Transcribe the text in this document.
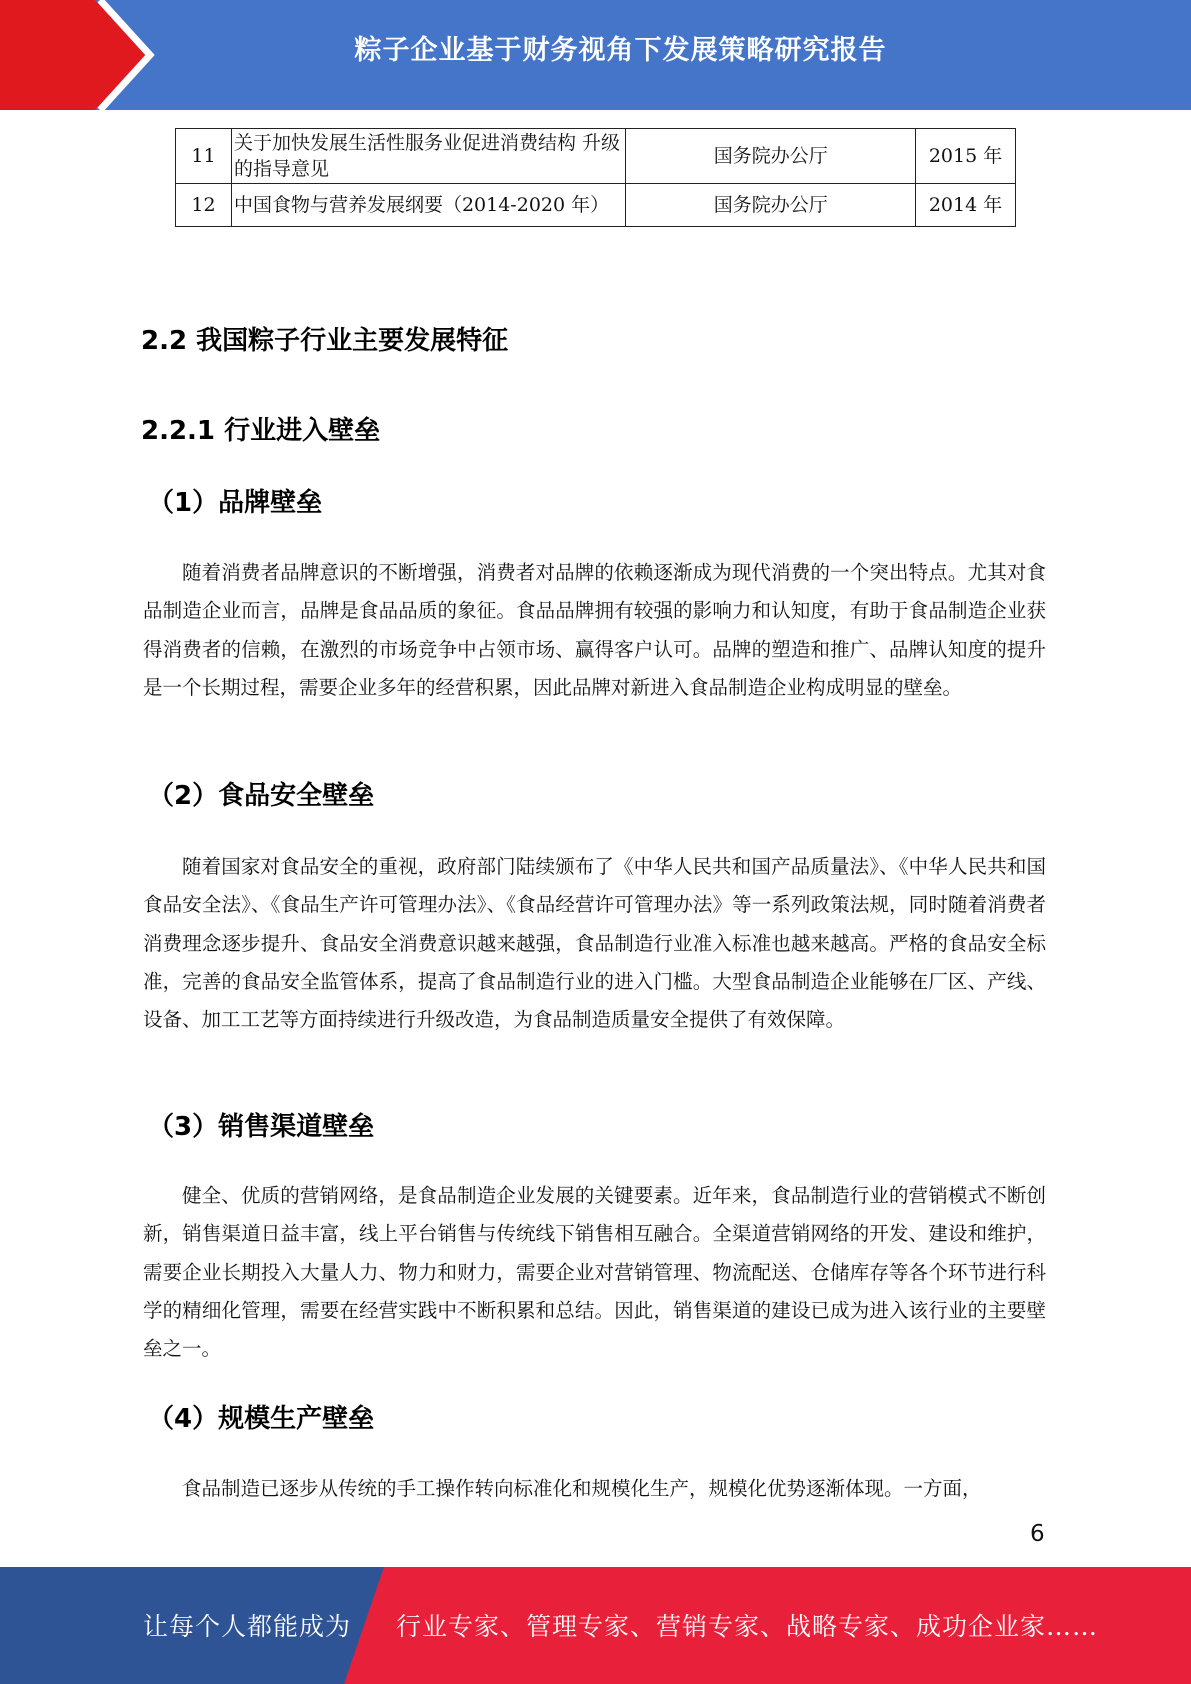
粽子企业基于财务视角下发展策略研究报告
11	关于加快发展生活性服务业促进消费结构 升级的指导意见	国务院办公厅	2015 年
12	中国食物与营养发展纲要（2014-2020 年）	国务院办公厅	2014 年
2.2 我国粽子行业主要发展特征
2.2.1 行业进入壁垒
（1）品牌壁垒

随着消费者品牌意识的不断增强，消费者对品牌的依赖逐渐成为现代消费的一个突出特点。尤其对食品制造企业而言，品牌是食品品质的象征。食品品牌拥有较强的影响力和认知度，有助于食品制造企业获得消费者的信赖，在激烈的市场竞争中占领市场、赢得客户认可。品牌的塑造和推广、品牌认知度的提升是一个长期过程，需要企业多年的经营积累，因此品牌对新进入食品制造企业构成明显的壁垒。

（2）食品安全壁垒

随着国家对食品安全的重视，政府部门陆续颁布了《中华人民共和国产品质量法》、《中华人民共和国食品安全法》、《食品生产许可管理办法》、《食品经营许可管理办法》等一系列政策法规，同时随着消费者消费理念逐步提升、食品安全消费意识越来越强，食品制造行业准入标准也越来越高。严格的食品安全标准，完善的食品安全监管体系，提高了食品制造行业的进入门槛。大型食品制造企业能够在厂区、产线、设备、加工工艺等方面持续进行升级改造，为食品制造质量安全提供了有效保障。

（3）销售渠道壁垒

健全、优质的营销网络，是食品制造企业发展的关键要素。近年来，食品制造行业的营销模式不断创新，销售渠道日益丰富，线上平台销售与传统线下销售相互融合。全渠道营销网络的开发、建设和维护，需要企业长期投入大量人力、物力和财力，需要企业对营销管理、物流配送、仓储库存等各个环节进行科学的精细化管理，需要在经营实践中不断积累和总结。因此，销售渠道的建设已成为进入该行业的主要壁垒之一。

（4）规模生产壁垒

食品制造已逐步从传统的手工操作转向标准化和规模化生产，规模化优势逐渐体现。一方面，

6
让每个人都能成为 行业专家、管理专家、营销专家、战略专家、成功企业家……
